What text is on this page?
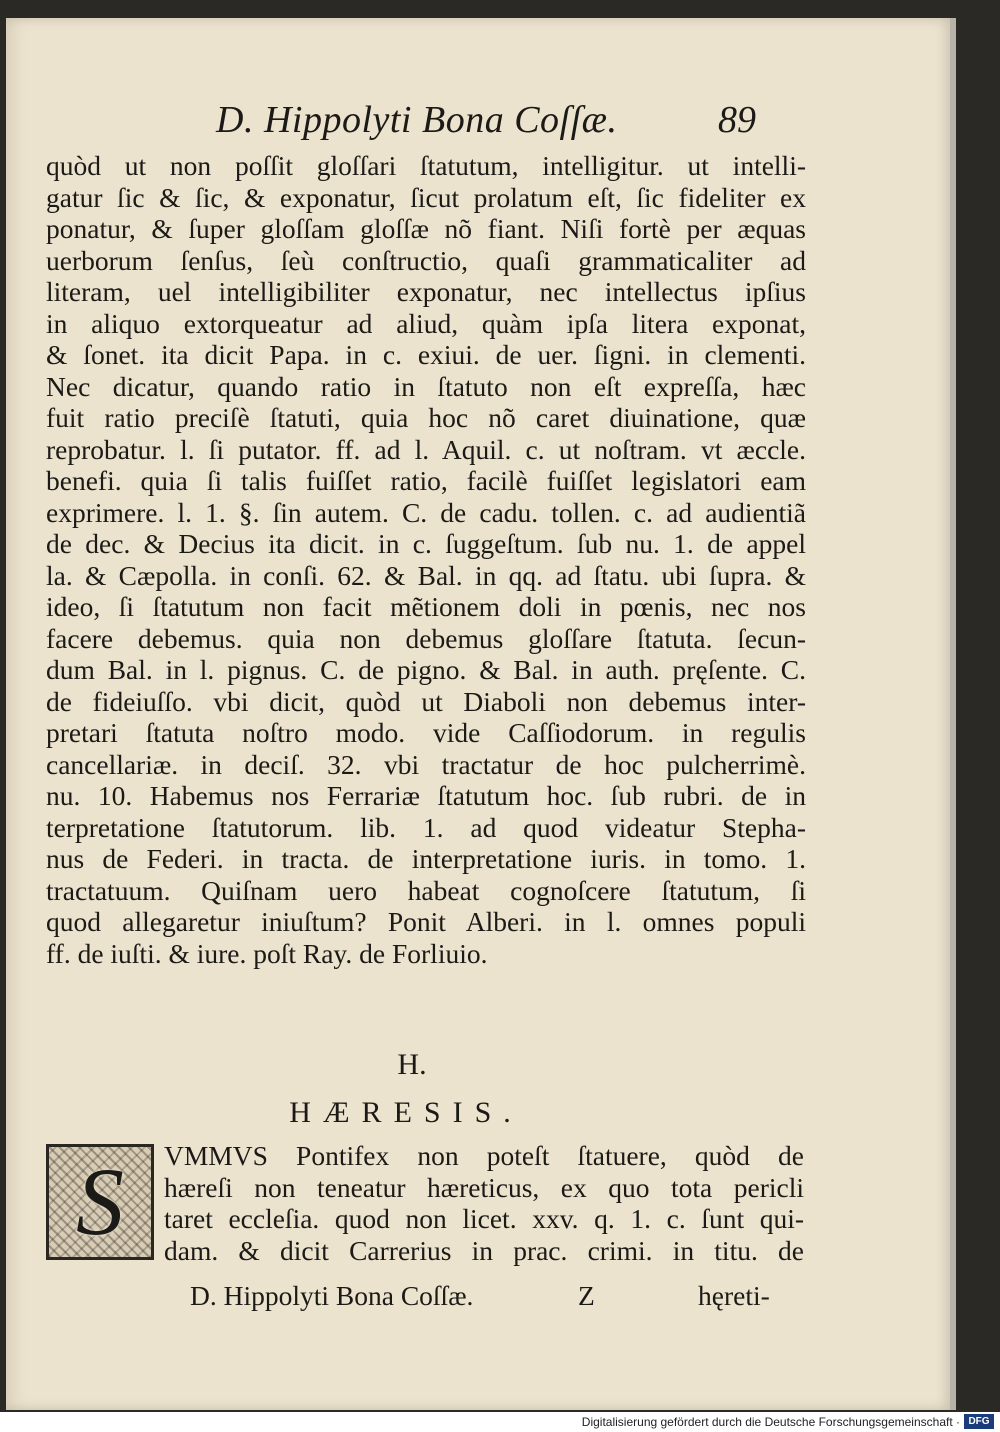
D. Hippolyti Bona Coſſæ.	89
quòd ut non poſſit gloſſari ſtatutum, intelligitur. ut intelli-
gatur ſic & ſic, & exponatur, ſicut prolatum eſt, ſic fideliter ex
ponatur, & ſuper gloſſam gloſſæ nõ fiant. Niſi fortè per æquas
uerborum ſenſus, ſeù conſtructio, quaſi grammaticaliter ad
literam, uel intelligibiliter exponatur, nec intellectus ipſius
in aliquo extorqueatur ad aliud, quàm ipſa litera exponat,
& ſonet. ita dicit Papa. in c. exiui. de uer. ſigni. in clementi.
Nec dicatur, quando ratio in ſtatuto non eſt expreſſa, hæc
fuit ratio preciſè ſtatuti, quia hoc nõ caret diuinatione, quæ
reprobatur. l. ſi putator. ff. ad l. Aquil. c. ut noſtram. vt æccle.
benefi. quia ſi talis fuiſſet ratio, facilè fuiſſet legislatori eam
exprimere. l. 1. §. ſin autem. C. de cadu. tollen. c. ad audientiã
de dec. & Decius ita dicit. in c. ſuggeſtum. ſub nu. 1. de appel
la. & Cæpolla. in conſi. 62. & Bal. in qq. ad ſtatu. ubi ſupra. &
ideo, ſi ſtatutum non facit mẽtionem doli in pœnis, nec nos
facere debemus. quia non debemus gloſſare ſtatuta. ſecun-
dum Bal. in l. pignus. C. de pigno. & Bal. in auth. pręſente. C.
de fideiuſſo. vbi dicit, quòd ut Diaboli non debemus inter-
pretari ſtatuta noſtro modo. vide Caſſiodorum. in regulis
cancellariæ. in deciſ. 32. vbi tractatur de hoc pulcherrimè.
nu. 10. Habemus nos Ferrariæ ſtatutum hoc. ſub rubri. de in
terpretatione ſtatutorum. lib. 1. ad quod videatur Stepha-
nus de Federi. in tracta. de interpretatione iuris. in tomo. 1.
tractatuum. Quiſnam uero habeat cognoſcere ſtatutum, ſi
quod allegaretur iniuſtum? Ponit Alberi. in l. omnes populi
ff. de iuſti. & iure. poſt Ray. de Forliuio.
H.
HÆRESIS.
S	VMMVS Pontifex non poteſt ſtatuere, quòd de
hæreſi non teneatur hæreticus, ex quo tota pericli
taret eccleſia. quod non licet. xxv. q. 1. c. ſunt qui-
dam. & dicit Carrerius in prac. crimi. in titu. de
D. Hippolyti Bona Coſſæ.	Z	hęreti-
Digitalisierung gefördert durch die Deutsche Forschungsgemeinschaft · DFG
